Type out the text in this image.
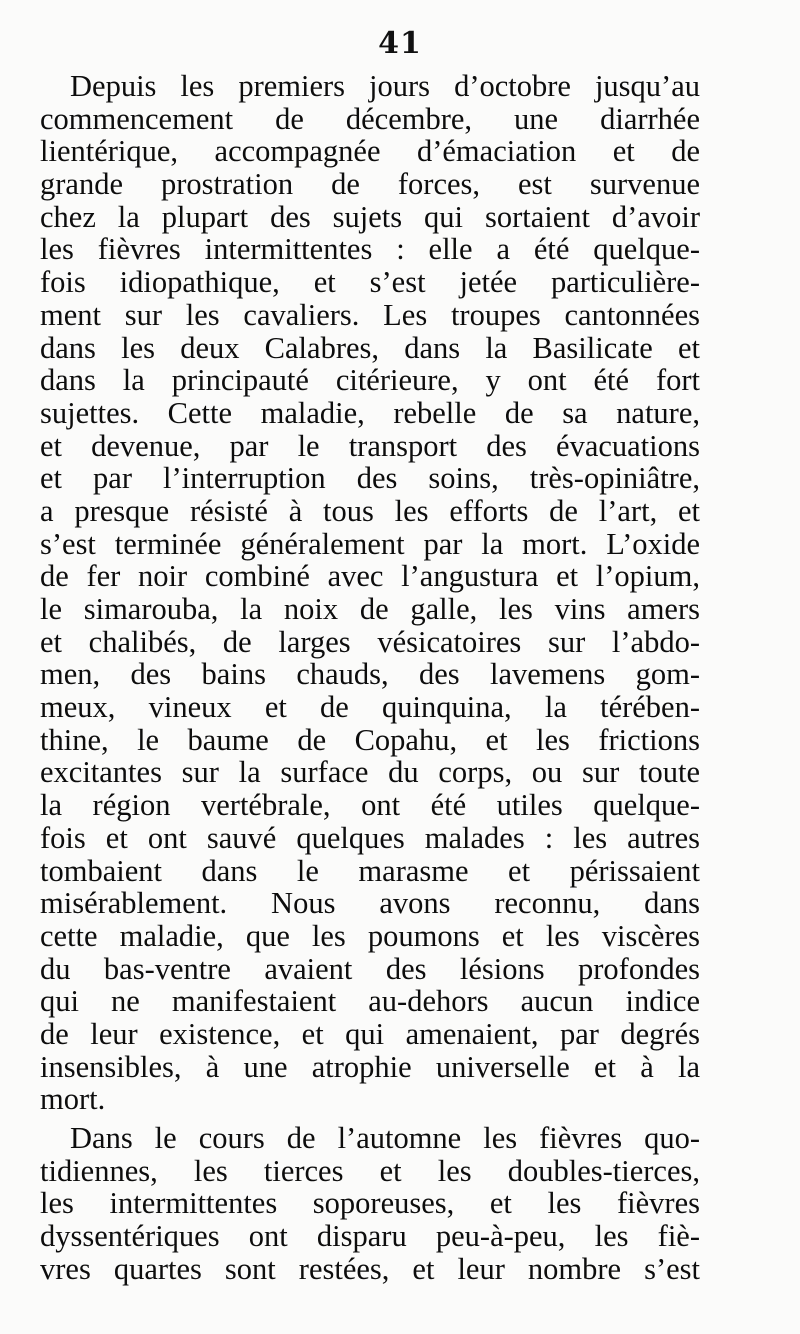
41
Depuis les premiers jours d’octobre jusqu’au
commencement de décembre, une diarrhée
lientérique, accompagnée d’émaciation et de
grande prostration de forces, est survenue
chez la plupart des sujets qui sortaient d’avoir
les fièvres intermittentes : elle a été quelque-
fois idiopathique, et s’est jetée particulière-
ment sur les cavaliers. Les troupes cantonnées
dans les deux Calabres, dans la Basilicate et
dans la principauté citérieure, y ont été fort
sujettes. Cette maladie, rebelle de sa nature,
et devenue, par le transport des évacuations
et par l’interruption des soins, très-opiniâtre,
a presque résisté à tous les efforts de l’art, et
s’est terminée généralement par la mort. L’oxide
de fer noir combiné avec l’angustura et l’opium,
le simarouba, la noix de galle, les vins amers
et chalibés, de larges vésicatoires sur l’abdo-
men, des bains chauds, des lavemens gom-
meux, vineux et de quinquina, la térében-
thine, le baume de Copahu, et les frictions
excitantes sur la surface du corps, ou sur toute
la région vertébrale, ont été utiles quelque-
fois et ont sauvé quelques malades : les autres
tombaient dans le marasme et périssaient
misérablement. Nous avons reconnu, dans
cette maladie, que les poumons et les viscères
du bas-ventre avaient des lésions profondes
qui ne manifestaient au-dehors aucun indice
de leur existence, et qui amenaient, par degrés
insensibles, à une atrophie universelle et à la
mort.
Dans le cours de l’automne les fièvres quo-
tidiennes, les tierces et les doubles-tierces,
les intermittentes soporeuses, et les fièvres
dyssentériques ont disparu peu-à-peu, les fiè-
vres quartes sont restées, et leur nombre s’est
